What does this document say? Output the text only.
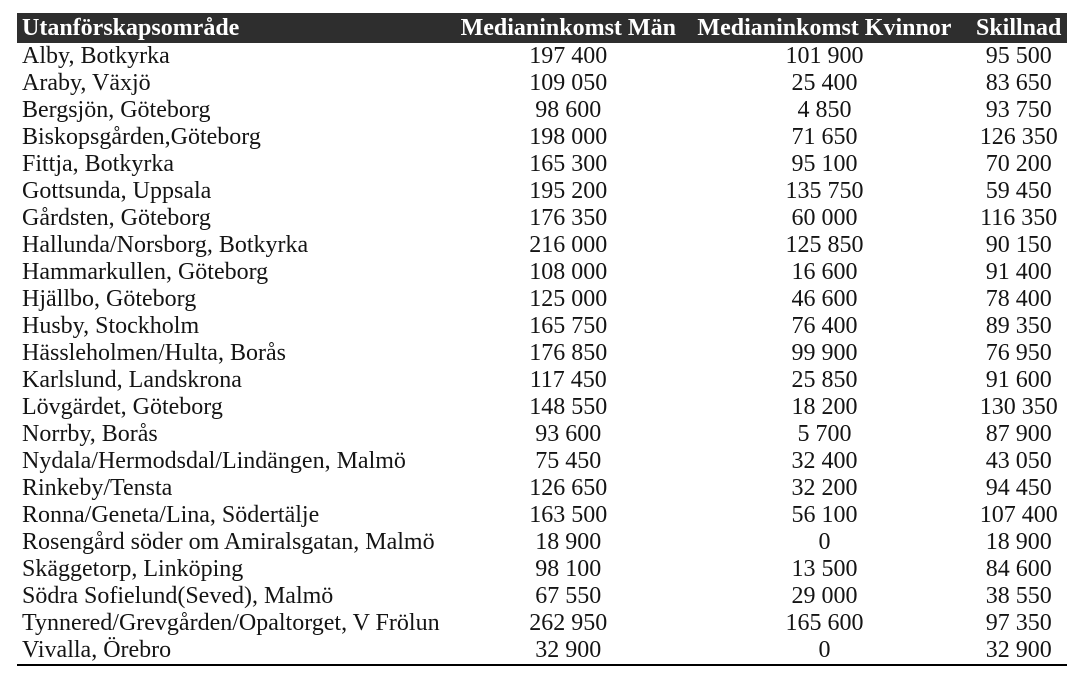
Utanförskapsområde	Medianinkomst Män	Medianinkomst Kvinnor	Skillnad
Alby, Botkyrka	197 400	101 900	95 500
Araby, Växjö	109 050	25 400	83 650
Bergsjön, Göteborg	98 600	4 850	93 750
Biskopsgården,Göteborg	198 000	71 650	126 350
Fittja, Botkyrka	165 300	95 100	70 200
Gottsunda, Uppsala	195 200	135 750	59 450
Gårdsten, Göteborg	176 350	60 000	116 350
Hallunda/Norsborg, Botkyrka	216 000	125 850	90 150
Hammarkullen, Göteborg	108 000	16 600	91 400
Hjällbo, Göteborg	125 000	46 600	78 400
Husby, Stockholm	165 750	76 400	89 350
Hässleholmen/Hulta, Borås	176 850	99 900	76 950
Karlslund, Landskrona	117 450	25 850	91 600
Lövgärdet, Göteborg	148 550	18 200	130 350
Norrby, Borås	93 600	5 700	87 900
Nydala/Hermodsdal/Lindängen, Malmö	75 450	32 400	43 050
Rinkeby/Tensta	126 650	32 200	94 450
Ronna/Geneta/Lina, Södertälje	163 500	56 100	107 400
Rosengård söder om Amiralsgatan, Malmö	18 900	0	18 900
Skäggetorp, Linköping	98 100	13 500	84 600
Södra Sofielund(Seved), Malmö	67 550	29 000	38 550
Tynnered/Grevgården/Opaltorget, V Frölun	262 950	165 600	97 350
Vivalla, Örebro	32 900	0	32 900
